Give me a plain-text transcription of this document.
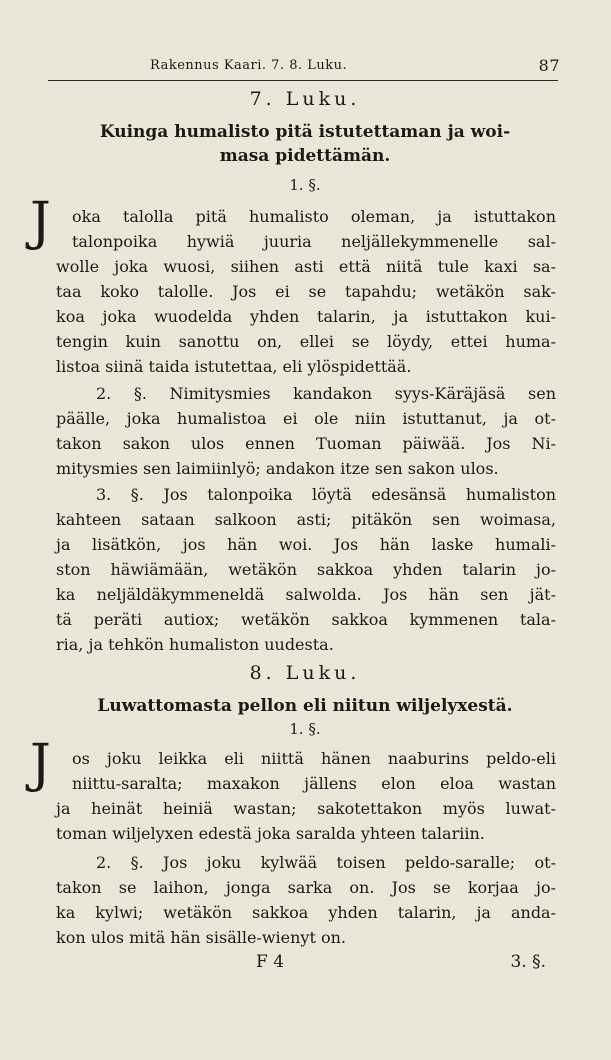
Rakennus Kaari. 7. 8. Luku.	87
7. Luku.
Kuinga humalisto pitä istutettaman ja woi-
masa pidettämän.
1. §.
J	oka talolla pitä humalisto oleman, ja istuttakon
talonpoika hywiä juuria neljällekymmenelle sal-
wolle joka wuosi, siihen asti että niitä tule kaxi sa-
taa koko talolle. Jos ei se tapahdu; wetäkön sak-
koa joka wuodelda yhden talarin, ja istuttakon kui-
tengin kuin sanottu on, ellei se löydy, ettei huma-
listoa siinä taida istutettaa, eli ylöspidettää.
2. §. Nimitysmies kandakon syys-Käräjäsä sen
päälle, joka humalistoa ei ole niin istuttanut, ja ot-
takon sakon ulos ennen Tuoman päiwää. Jos Ni-
mitysmies sen laimiinlyö; andakon itze sen sakon ulos.
3. §. Jos talonpoika löytä edesänsä humaliston
kahteen sataan salkoon asti; pitäkön sen woimasa,
ja lisätkön, jos hän woi. Jos hän laske humali-
ston häwiämään, wetäkön sakkoa yhden talarin jo-
ka neljäldäkymmeneldä salwolda. Jos hän sen jät-
tä peräti autiox; wetäkön sakkoa kymmenen tala-
ria, ja tehkön humaliston uudesta.
8. Luku.
Luwattomasta pellon eli niitun wiljelyxestä.
1. §.
J	os joku leikka eli niittä hänen naaburins peldo-eli
niittu-saralta; maxakon jällens elon eloa wastan
ja heinät heiniä wastan; sakotettakon myös luwat-
toman wiljelyxen edestä joka saralda yhteen talariin.
2. §. Jos joku kylwää toisen peldo-saralle; ot-
takon se laihon, jonga sarka on. Jos se korjaa jo-
ka kylwi; wetäkön sakkoa yhden talarin, ja anda-
kon ulos mitä hän sisälle-wienyt on.
F 4	3. §.
